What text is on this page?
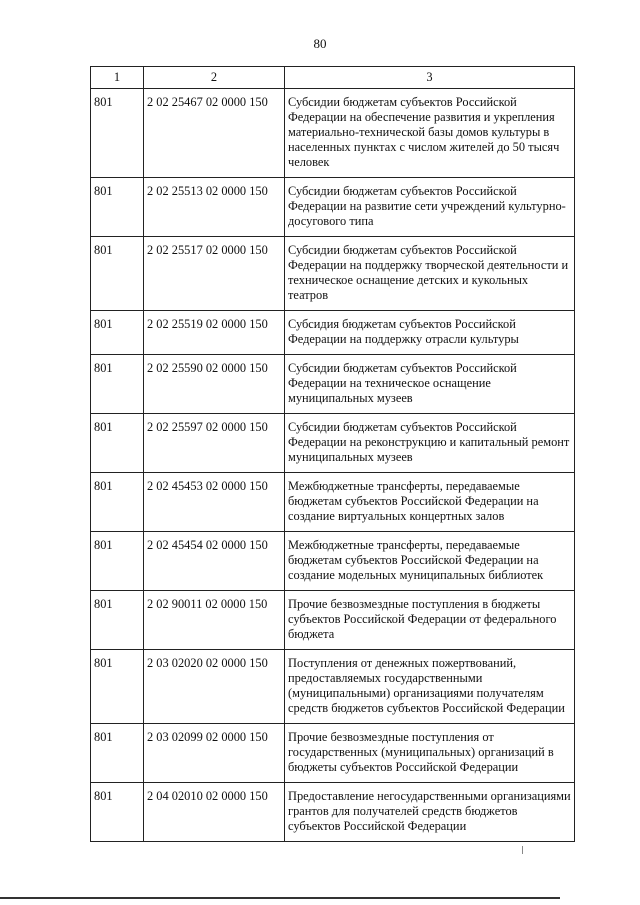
80
1	2	3
801	2 02 25467 02 0000 150	Субсидии бюджетам субъектов Российской Федерации на обеспечение развития и укрепления материально-технической базы домов культуры в населенных пунктах с числом жителей до 50 тысяч человек
801	2 02 25513 02 0000 150	Субсидии бюджетам субъектов Российской Федерации на развитие сети учреждений культурно-досугового типа
801	2 02 25517 02 0000 150	Субсидии бюджетам субъектов Российской Федерации на поддержку творческой деятельности и техническое оснащение детских и кукольных театров
801	2 02 25519 02 0000 150	Субсидия бюджетам субъектов Российской Федерации на поддержку отрасли культуры
801	2 02 25590 02 0000 150	Субсидии бюджетам субъектов Российской Федерации на техническое оснащение муниципальных музеев
801	2 02 25597 02 0000 150	Субсидии бюджетам субъектов Российской Федерации на реконструкцию и капитальный ремонт муниципальных музеев
801	2 02 45453 02 0000 150	Межбюджетные трансферты, передаваемые бюджетам субъектов Российской Федерации на создание виртуальных концертных залов
801	2 02 45454 02 0000 150	Межбюджетные трансферты, передаваемые бюджетам субъектов Российской Федерации на создание модельных муниципальных библиотек
801	2 02 90011 02 0000 150	Прочие безвозмездные поступления в бюджеты субъектов Российской Федерации от федерального бюджета
801	2 03 02020 02 0000 150	Поступления от денежных пожертвований, предоставляемых государственными (муниципальными) организациями получателям средств бюджетов субъектов Российской Федерации
801	2 03 02099 02 0000 150	Прочие безвозмездные поступления от государственных (муниципальных) организаций в бюджеты субъектов Российской Федерации
801	2 04 02010 02 0000 150	Предоставление негосударственными организациями грантов для получателей средств бюджетов субъектов Российской Федерации
